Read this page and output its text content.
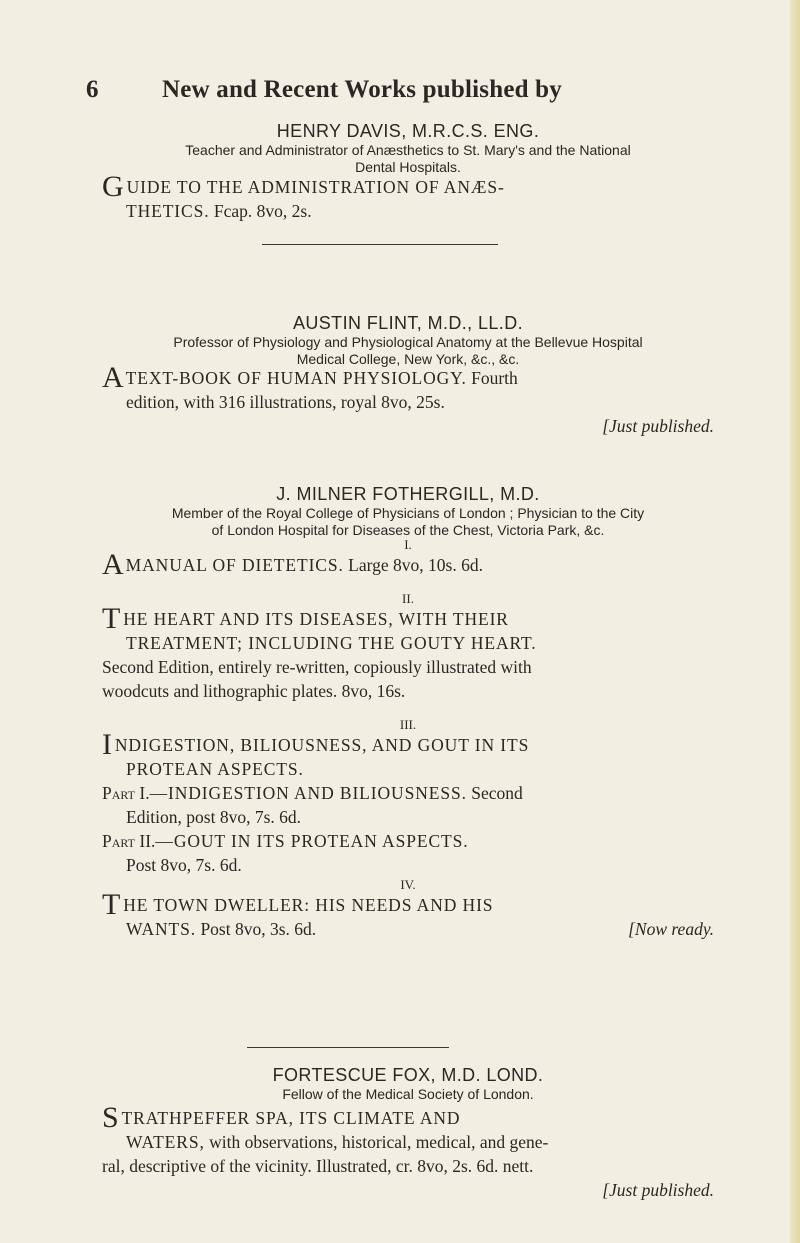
6	New and Recent Works published by
HENRY DAVIS, M.R.C.S. ENG.
Teacher and Administrator of Anæsthetics to St. Mary's and the National
Dental Hospitals.
GUIDE TO THE ADMINISTRATION OF ANÆS-
THETICS. Fcap. 8vo, 2s.
AUSTIN FLINT, M.D., LL.D.
Professor of Physiology and Physiological Anatomy at the Bellevue Hospital
Medical College, New York, &c., &c.
A TEXT-BOOK OF HUMAN PHYSIOLOGY. Fourth
edition, with 316 illustrations, royal 8vo, 25s.
[Just published.
J. MILNER FOTHERGILL, M.D.
Member of the Royal College of Physicians of London ; Physician to the City
of London Hospital for Diseases of the Chest, Victoria Park, &c.
I.
A MANUAL OF DIETETICS. Large 8vo, 10s. 6d.
II.
THE HEART AND ITS DISEASES, WITH THEIR
TREATMENT; INCLUDING THE GOUTY HEART.
Second Edition, entirely re-written, copiously illustrated with
woodcuts and lithographic plates. 8vo, 16s.
III.
INDIGESTION, BILIOUSNESS, AND GOUT IN ITS
PROTEAN ASPECTS.
Part I.—INDIGESTION AND BILIOUSNESS. Second
Edition, post 8vo, 7s. 6d.
Part II.—GOUT IN ITS PROTEAN ASPECTS.
Post 8vo, 7s. 6d.
IV.
THE TOWN DWELLER: HIS NEEDS AND HIS
WANTS. Post 8vo, 3s. 6d.	[Now ready.
FORTESCUE FOX, M.D. LOND.
Fellow of the Medical Society of London.
STRATHPEFFER SPA, ITS CLIMATE AND
WATERS, with observations, historical, medical, and gene-
ral, descriptive of the vicinity. Illustrated, cr. 8vo, 2s. 6d. nett.
[Just published.
